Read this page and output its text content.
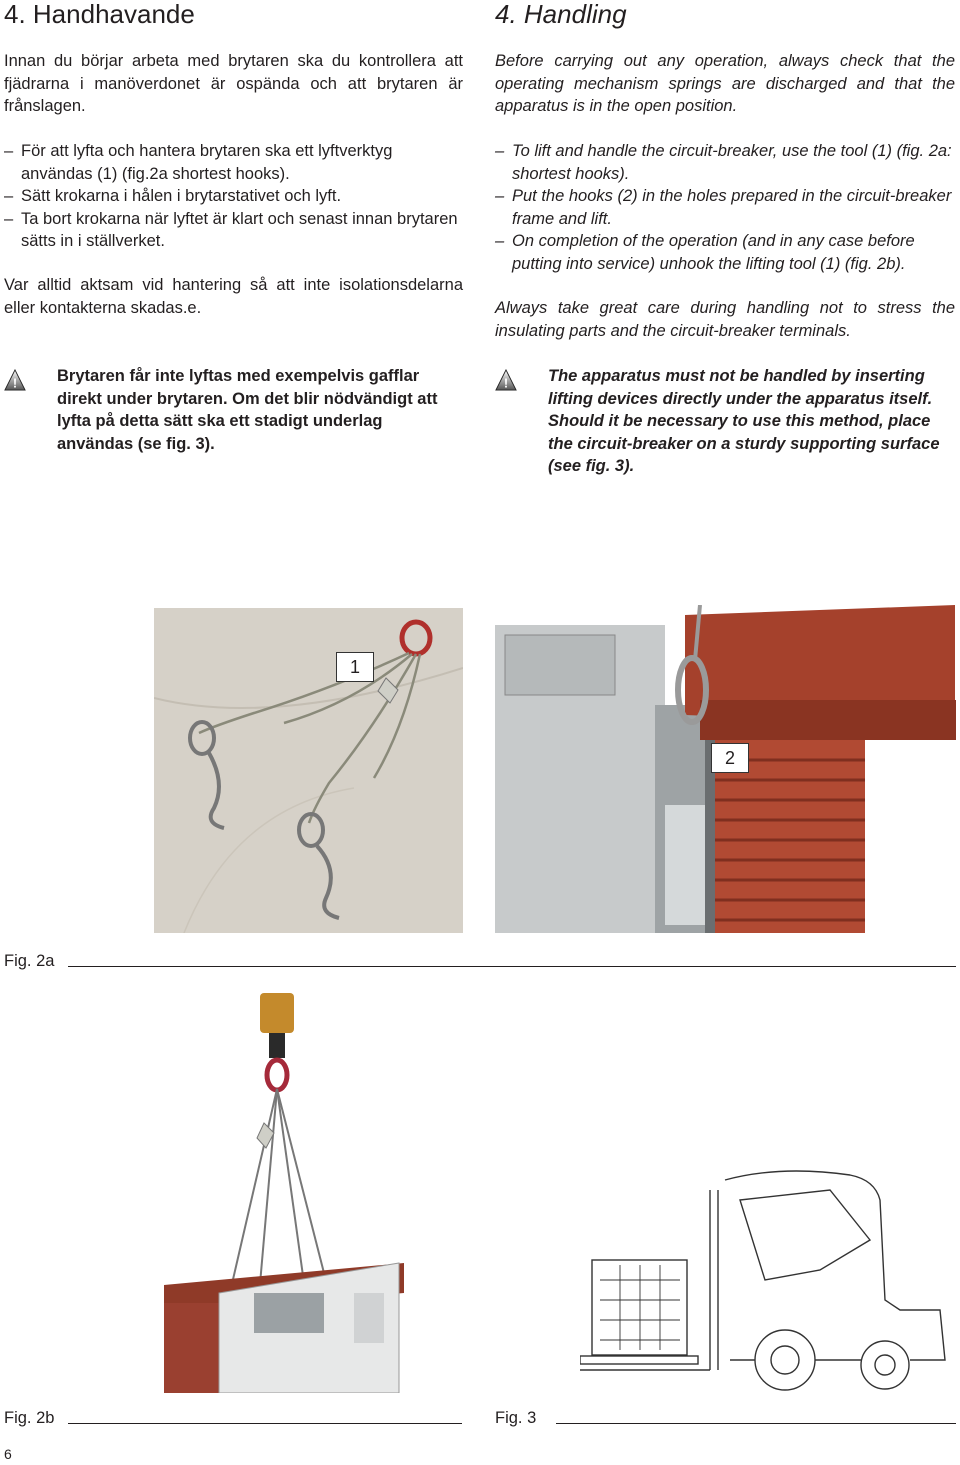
4. Handhavande
Innan du börjar arbeta med brytaren ska du kontrollera att fjädrarna i manöverdonet är ospända och att brytaren är frånslagen.
– För att lyfta och hantera brytaren ska ett lyftverktyg användas (1) (fig.2a shortest hooks).
– Sätt krokarna i hålen i brytarstativet och lyft.
– Ta bort krokarna när lyftet är klart och senast innan brytaren sätts in i ställverket.
Var alltid aktsam vid hantering så att inte isolationsdelarna eller kontakterna skadas.e.
! Brytaren får inte lyftas med exempelvis gafflar direkt under brytaren. Om det blir nödvändigt att lyfta på detta sätt ska ett stadigt underlag användas (se fig. 3).
4. Handling
Before carrying out any operation, always check that the operating mechanism springs are discharged and that the apparatus is in the open position.
– To lift and handle the circuit-breaker, use the tool (1) (fig. 2a: shortest hooks).
– Put the hooks (2) in the holes prepared in the circuit-breaker frame and lift.
– On completion of the operation (and in any case before putting into service) unhook the lifting tool (1) (fig. 2b).
Always take great care during handling not to stress the insulating parts and the circuit-breaker terminals.
! The apparatus must not be handled by inserting lifting devices directly under the apparatus itself. Should it be necessary to use this method, place the circuit-breaker on a sturdy supporting surface (see fig. 3).
1
2
Fig. 2a
Fig. 2b	Fig. 3
6
